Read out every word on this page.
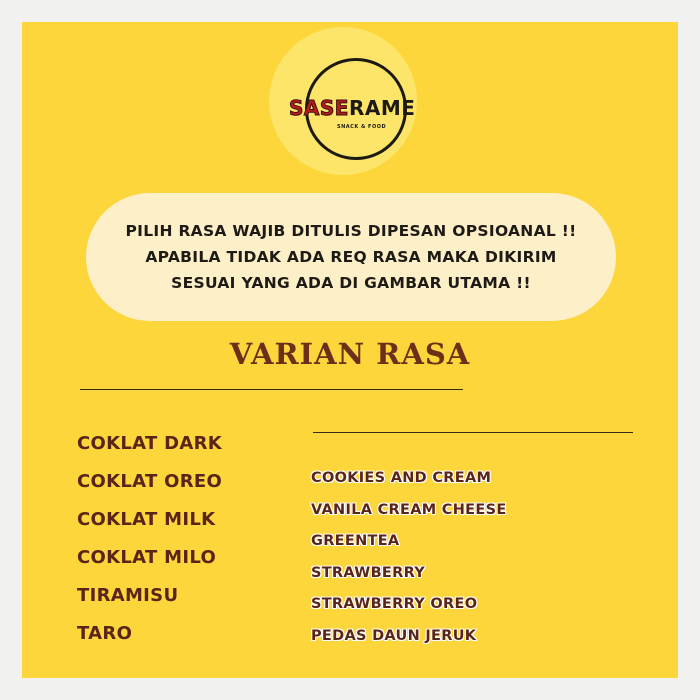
SASERAME
SNACK & FOOD
PILIH RASA WAJIB DITULIS DIPESAN OPSIOANAL !!
APABILA TIDAK ADA REQ RASA MAKA DIKIRIM
SESUAI YANG ADA DI GAMBAR UTAMA !!
VARIAN RASA
COKLAT DARK
COKLAT OREO
COKLAT MILK
COKLAT MILO
TIRAMISU
TARO
COOKIES AND CREAM
VANILA CREAM CHEESE
GREENTEA
STRAWBERRY
STRAWBERRY OREO
PEDAS DAUN JERUK
